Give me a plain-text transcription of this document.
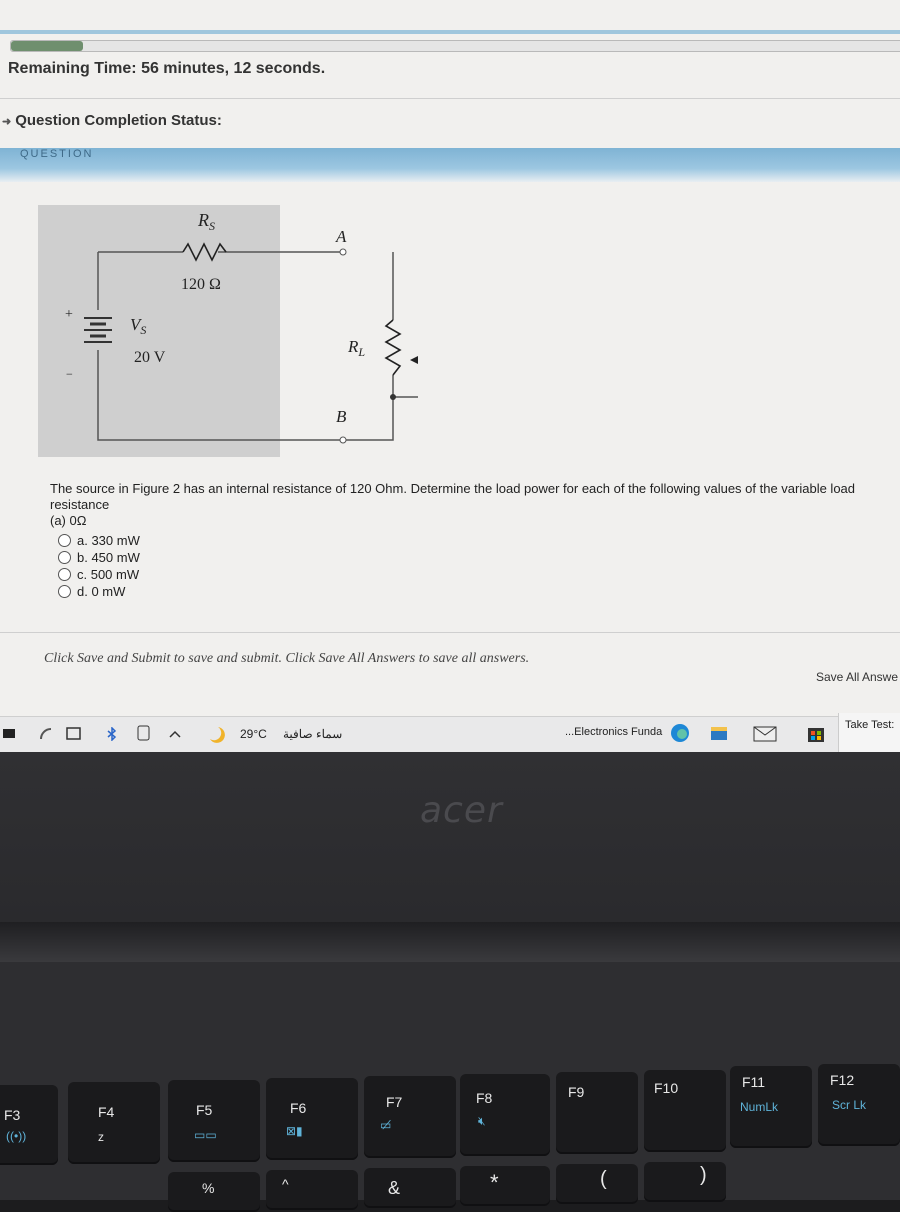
Remaining Time: 56 minutes, 12 seconds.
➜ Question Completion Status:
QUESTION
$R_S$
120 Ω
$V_S$
20 V
+
−
A
B
$R_L$
The source in Figure 2 has an internal resistance of 120 Ohm. Determine the load power for each of the following values of the variable load resistance
(a) 0Ω
a. 330 mW
b. 450 mW
c. 500 mW
d. 0 mW
Click Save and Submit to save and submit. Click Save All Answers to save all answers.
Save All Answe
29°C سماء صافية	...Electronics Funda
Take Test:
acer
F3
((•))
F4
z
F5
▭▭
F6
⊠▮
F7
▭̸
F8
🔇︎
F9	F10	F11
NumLk
F12
Scr Lk
%	^	&	*	(	)
